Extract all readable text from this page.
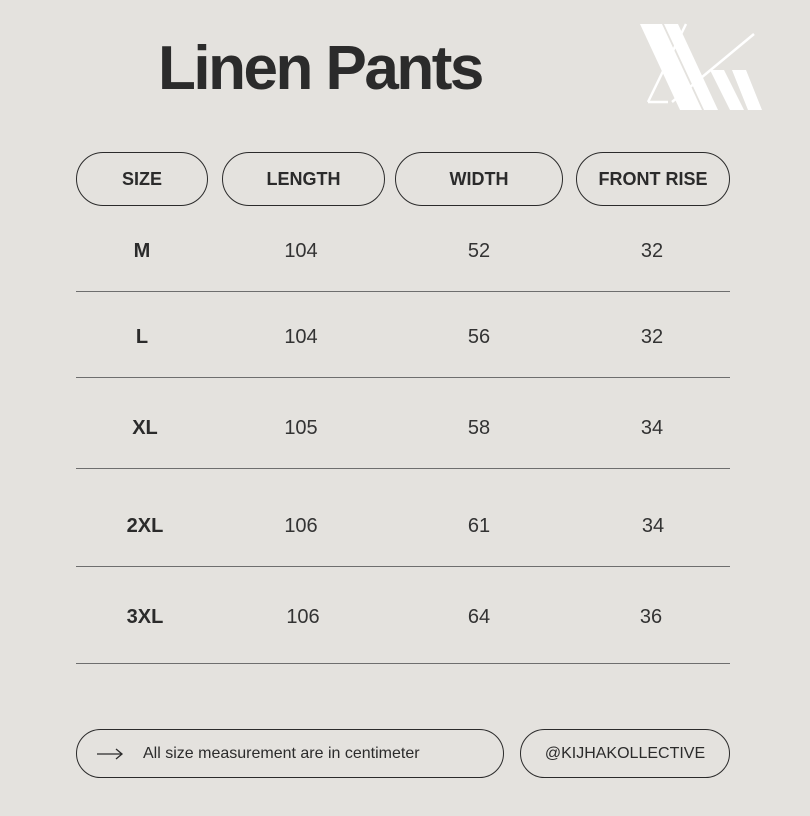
Linen Pants
SIZE	LENGTH	WIDTH	FRONT RISE
M	104	52	32
L	104	56	32
XL	105	58	34
2XL	106	61	34
3XL	106	64	36
All size measurement are in centimeter	@KIJHAKOLLECTIVE
